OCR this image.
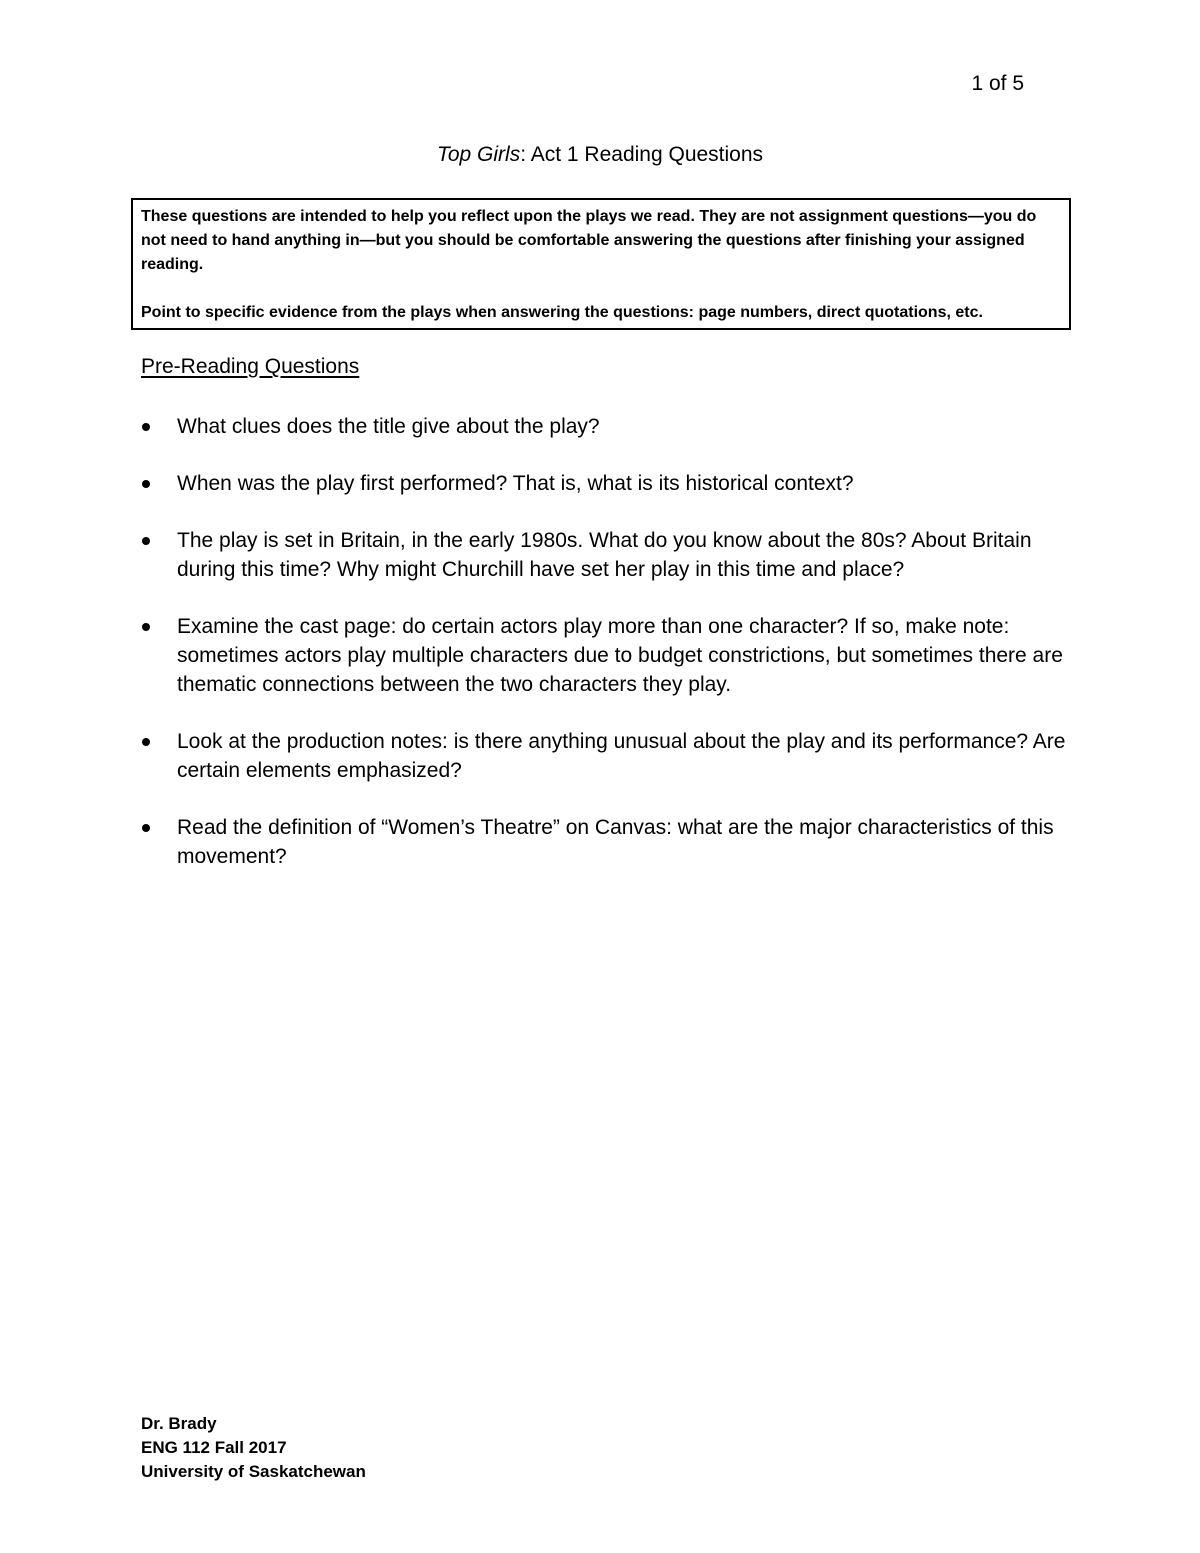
1 of 5
Top Girls: Act 1 Reading Questions

These questions are intended to help you reflect upon the plays we read. They are not assignment questions—you do not need to hand anything in—but you should be comfortable answering the questions after finishing your assigned reading.

Point to specific evidence from the plays when answering the questions: page numbers, direct quotations, etc.

Pre-Reading Questions
What clues does the title give about the play?
When was the play first performed? That is, what is its historical context?
The play is set in Britain, in the early 1980s. What do you know about the 80s? About Britain during this time? Why might Churchill have set her play in this time and place?
Examine the cast page: do certain actors play more than one character? If so, make note: sometimes actors play multiple characters due to budget constrictions, but sometimes there are thematic connections between the two characters they play.
Look at the production notes: is there anything unusual about the play and its performance? Are certain elements emphasized?
Read the definition of “Women’s Theatre” on Canvas: what are the major characteristics of this movement?
Dr. Brady
ENG 112 Fall 2017
University of Saskatchewan
